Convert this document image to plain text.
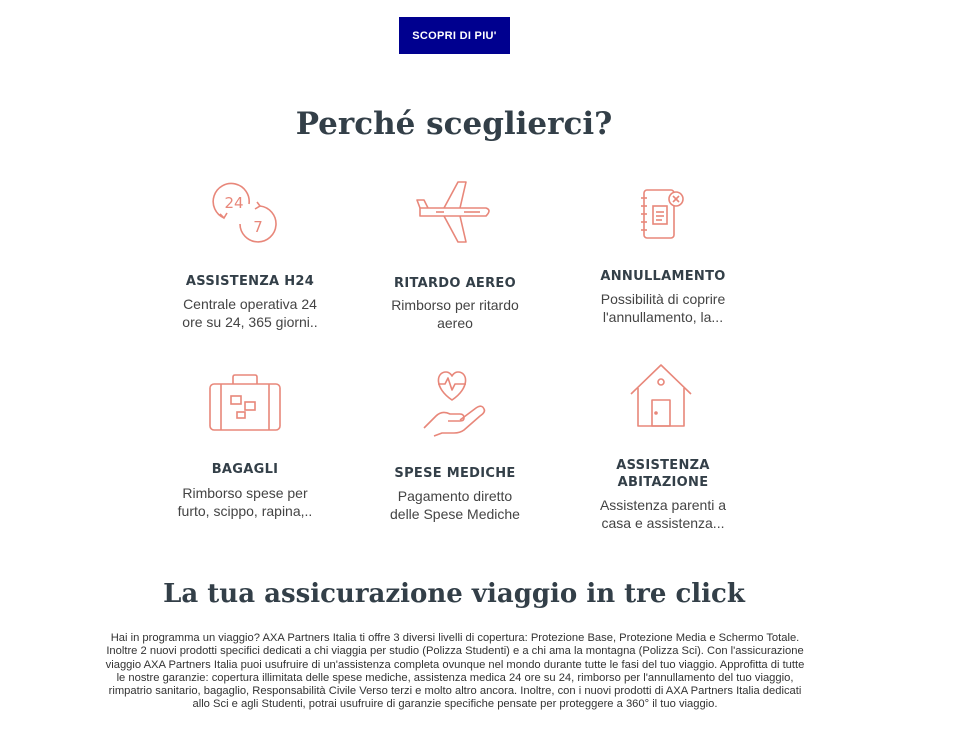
SCOPRI DI PIU'
Perché sceglierci?
24
7
ASSISTENZA H24
Centrale operativa 24
ore su 24, 365 giorni..
RITARDO AEREO
Rimborso per ritardo
aereo
ANNULLAMENTO
Possibilità di coprire
l'annullamento, la...
BAGAGLI
Rimborso spese per
furto, scippo, rapina,..
SPESE MEDICHE
Pagamento diretto
delle Spese Mediche
ASSISTENZA
ABITAZIONE
Assistenza parenti a
casa e assistenza...
La tua assicurazione viaggio in tre click

Hai in programma un viaggio? AXA Partners Italia ti offre 3 diversi livelli di copertura: Protezione Base, Protezione Media e Schermo Totale. Inoltre 2 nuovi prodotti specifici dedicati a chi viaggia per studio (Polizza Studenti) e a chi ama la montagna (Polizza Sci). Con l'assicurazione viaggio AXA Partners Italia puoi usufruire di un'assistenza completa ovunque nel mondo durante tutte le fasi del tuo viaggio. Approfitta di tutte le nostre garanzie: copertura illimitata delle spese mediche, assistenza medica 24 ore su 24, rimborso per l'annullamento del tuo viaggio, rimpatrio sanitario, bagaglio, Responsabilità Civile Verso terzi e molto altro ancora. Inoltre, con i nuovi prodotti di AXA Partners Italia dedicati allo Sci e agli Studenti, potrai usufruire di garanzie specifiche pensate per proteggere a 360° il tuo viaggio.
